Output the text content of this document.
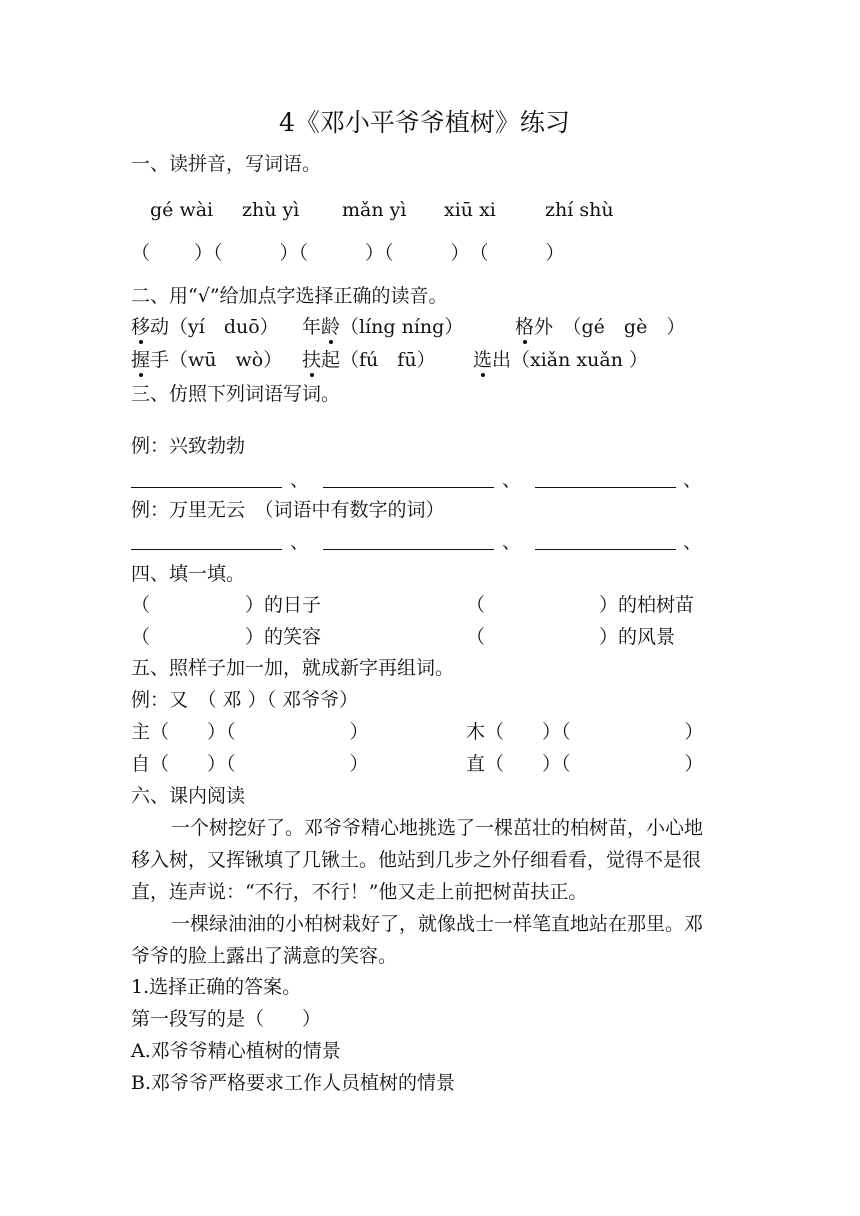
4《邓小平爷爷植树》练习
一、读拼音，写词语。
gé wài zhù yì mǎn yì xiū xi	zhí shù
（　　 ）（　　　）（　　　）（　　　）　（　　　）
二、用“√”给加点字选择正确的读音。
移动（yí　duō） 年龄（líng níng）	格外　（gé　gè　）
握手（wū　wò） 扶起（fú　fū） 选出（xiǎn xuǎn ）
三、仿照下列词语写词。
例：兴致勃勃
、	、	、
例：万里无云　（词语中有数字的词）
、	、	、
四、填一填。
（　　　　　）的日子	（　　　　　　）的柏树苗
（　　　　　）的笑容	（　　　　　　）的风景
五、照样子加一加，就成新字再组词。
例：又　（ 邓 ）（ 邓爷爷）
主（　　）（　　　　　　）	木（　　）（　　　　　　）
自（　　）（　　　　　　）	直（　　）（　　　　　　）
六、课内阅读
一个树挖好了。邓爷爷精心地挑选了一棵茁壮的柏树苗，小心地
移入树，又挥锹填了几锹土。他站到几步之外仔细看看，觉得不是很
直，连声说：“不行，不行！”他又走上前把树苗扶正。
一棵绿油油的小柏树栽好了，就像战士一样笔直地站在那里。邓
爷爷的脸上露出了满意的笑容。
1.选择正确的答案。
第一段写的是（　　）
A.邓爷爷精心植树的情景
B.邓爷爷严格要求工作人员植树的情景
